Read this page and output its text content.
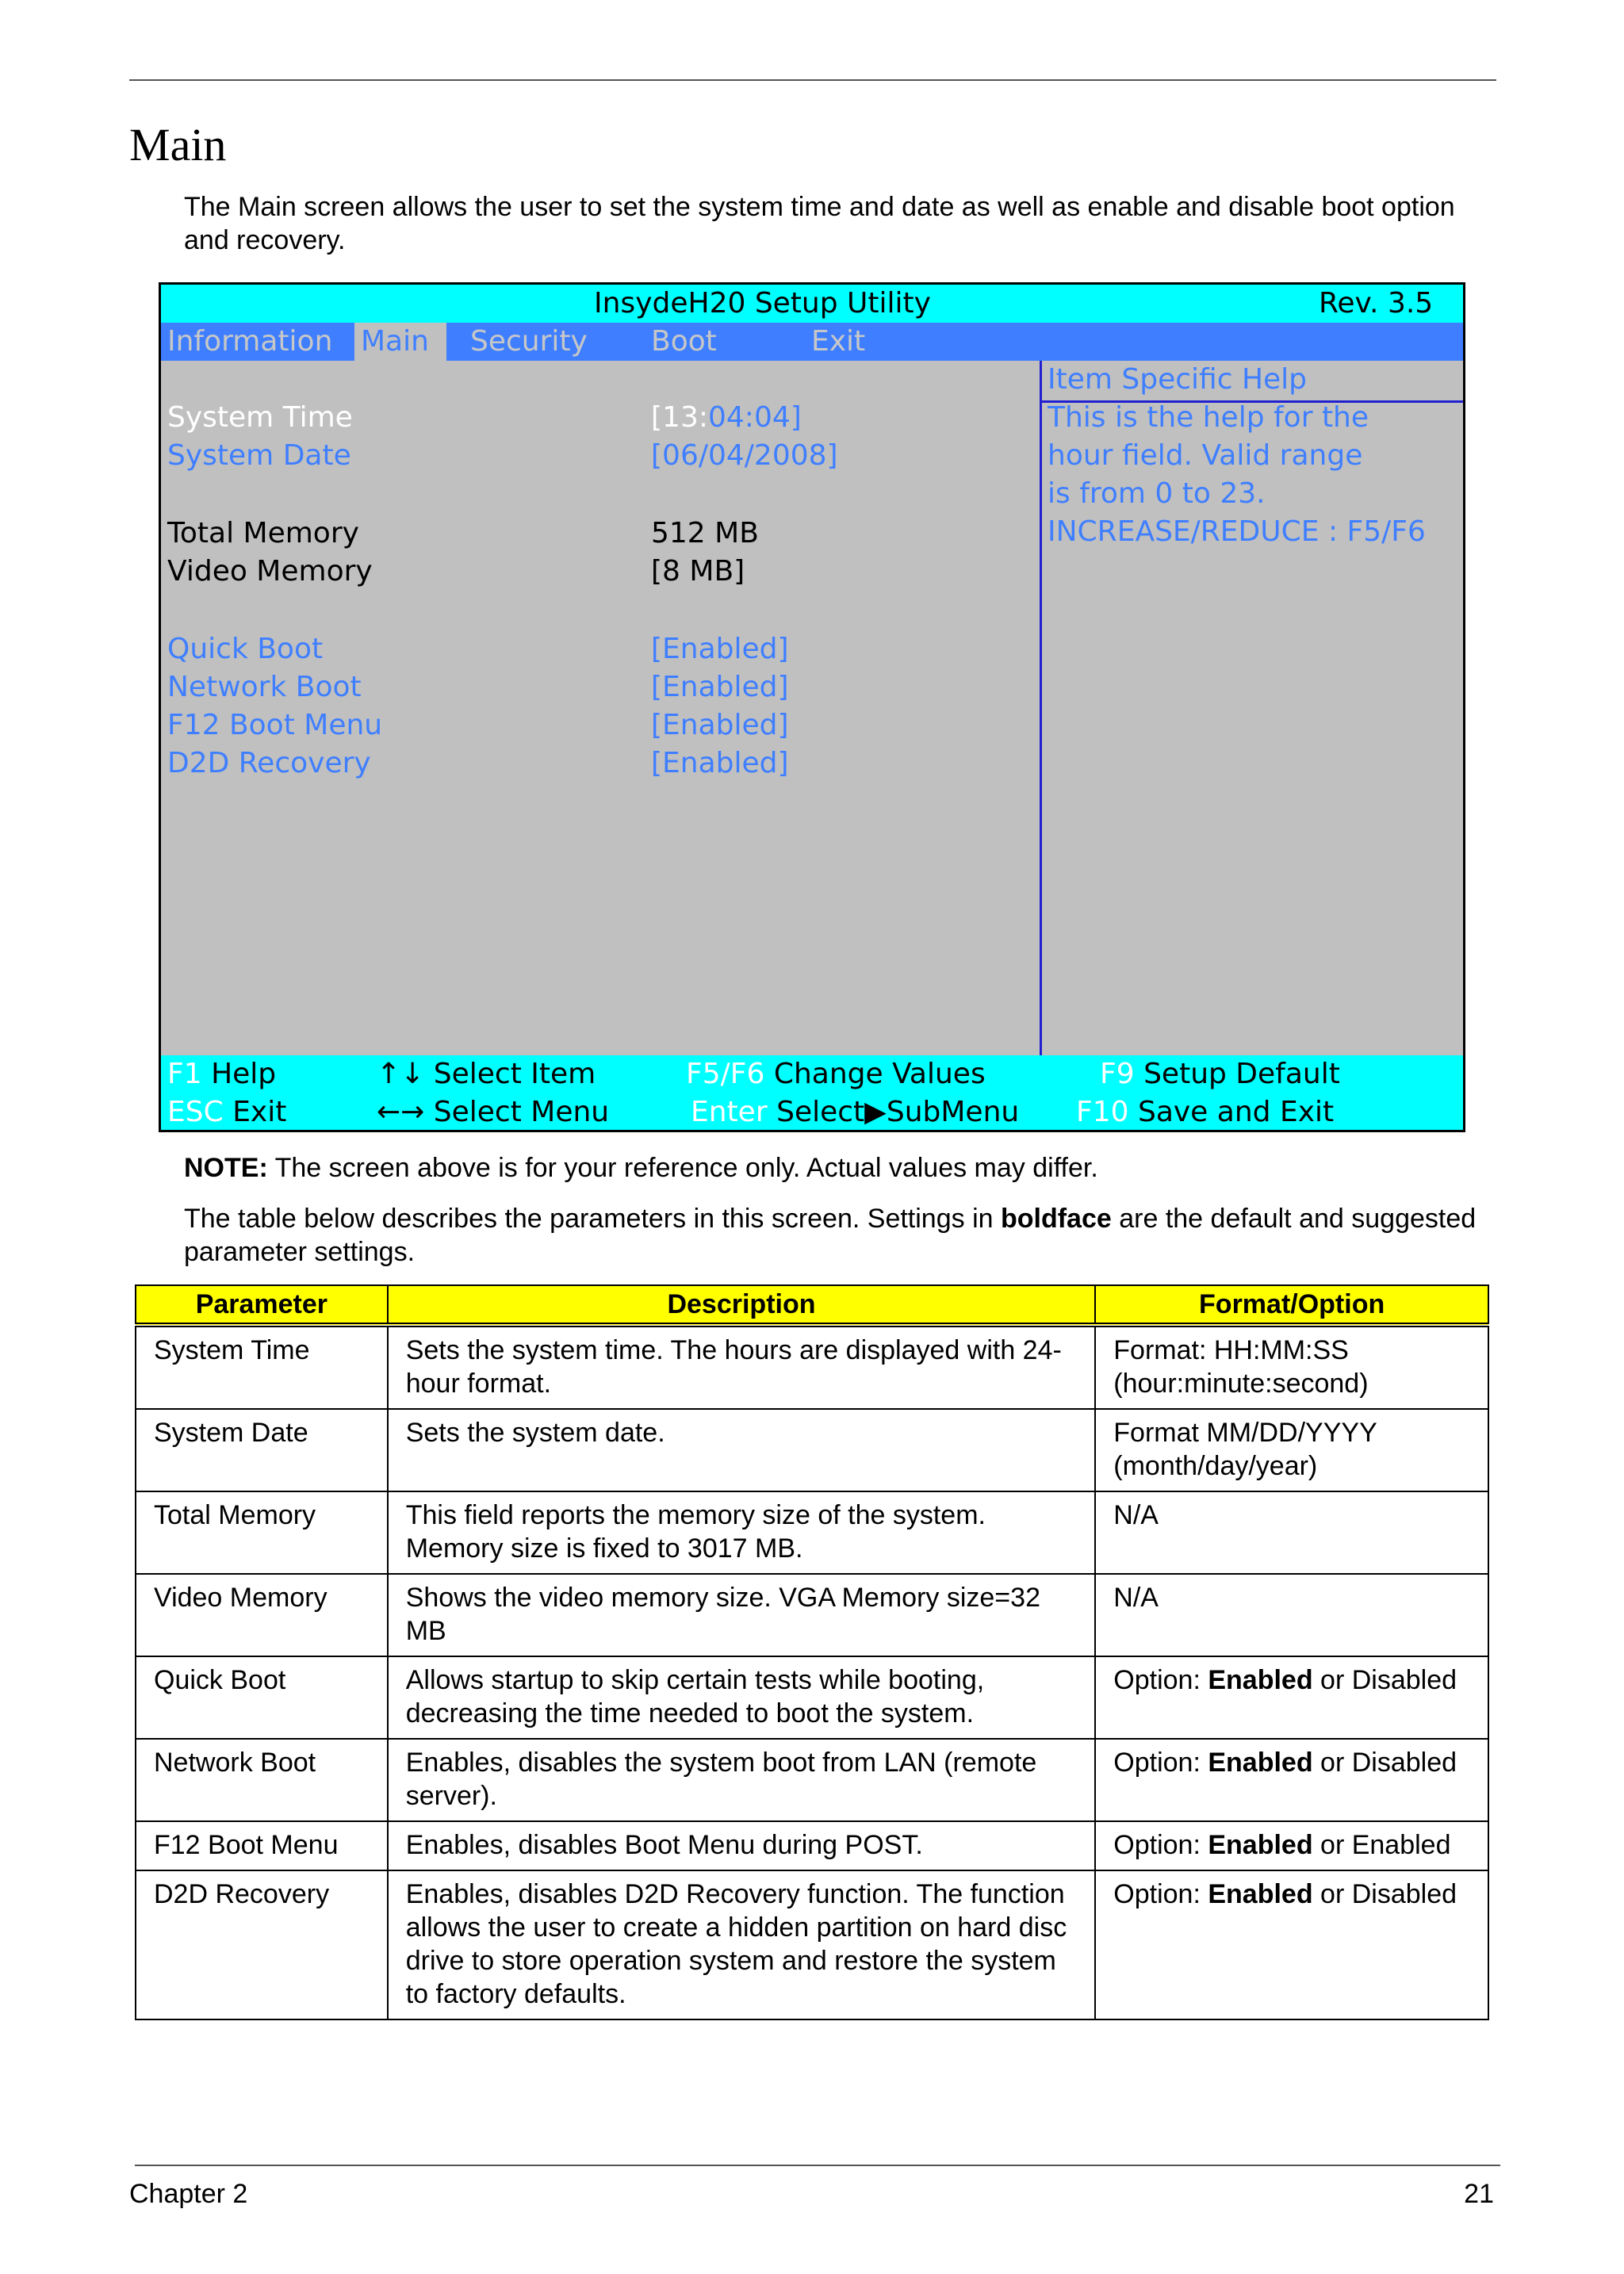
Main
The Main screen allows the user to set the system time and date as well as enable and disable boot option and recovery.
InsydeH20 Setup Utility	Rev. 3.5
Information Main	Security Boot	Exit
System Time	[13:04:04]
System Date	[06/04/2008]
Total Memory	512 MB
Video Memory	[8 MB]
Quick Boot	[Enabled]
Network Boot	[Enabled]
F12 Boot Menu	[Enabled]
D2D Recovery	[Enabled]
Item Specific Help
This is the help for the
hour field. Valid range
is from 0 to 23.
INCREASE/REDUCE : F5/F6
F1 Help	↑↓ Select Item	F5/F6 Change Values	F9 Setup Default
ESC Exit	←→ Select Menu	Enter Select▶SubMenu F10 Save and Exit
NOTE: The screen above is for your reference only. Actual values may differ.
The table below describes the parameters in this screen. Settings in boldface are the default and suggested parameter settings.
Parameter	Description	Format/Option
System Time	Sets the system time. The hours are displayed with 24-hour format.	Format: HH:MM:SS (hour:minute:second)
System Date	Sets the system date.	Format MM/DD/YYYY (month/day/year)
Total Memory	This field reports the memory size of the system. Memory size is fixed to 3017 MB.	N/A
Video Memory	Shows the video memory size. VGA Memory size=32 MB	N/A
Quick Boot	Allows startup to skip certain tests while booting, decreasing the time needed to boot the system.	Option: Enabled or Disabled
Network Boot	Enables, disables the system boot from LAN (remote server).	Option: Enabled or Disabled
F12 Boot Menu	Enables, disables Boot Menu during POST.	Option: Enabled or Enabled
D2D Recovery	Enables, disables D2D Recovery function. The function allows the user to create a hidden partition on hard disc drive to store operation system and restore the system to factory defaults.	Option: Enabled or Disabled
Chapter 2	21
